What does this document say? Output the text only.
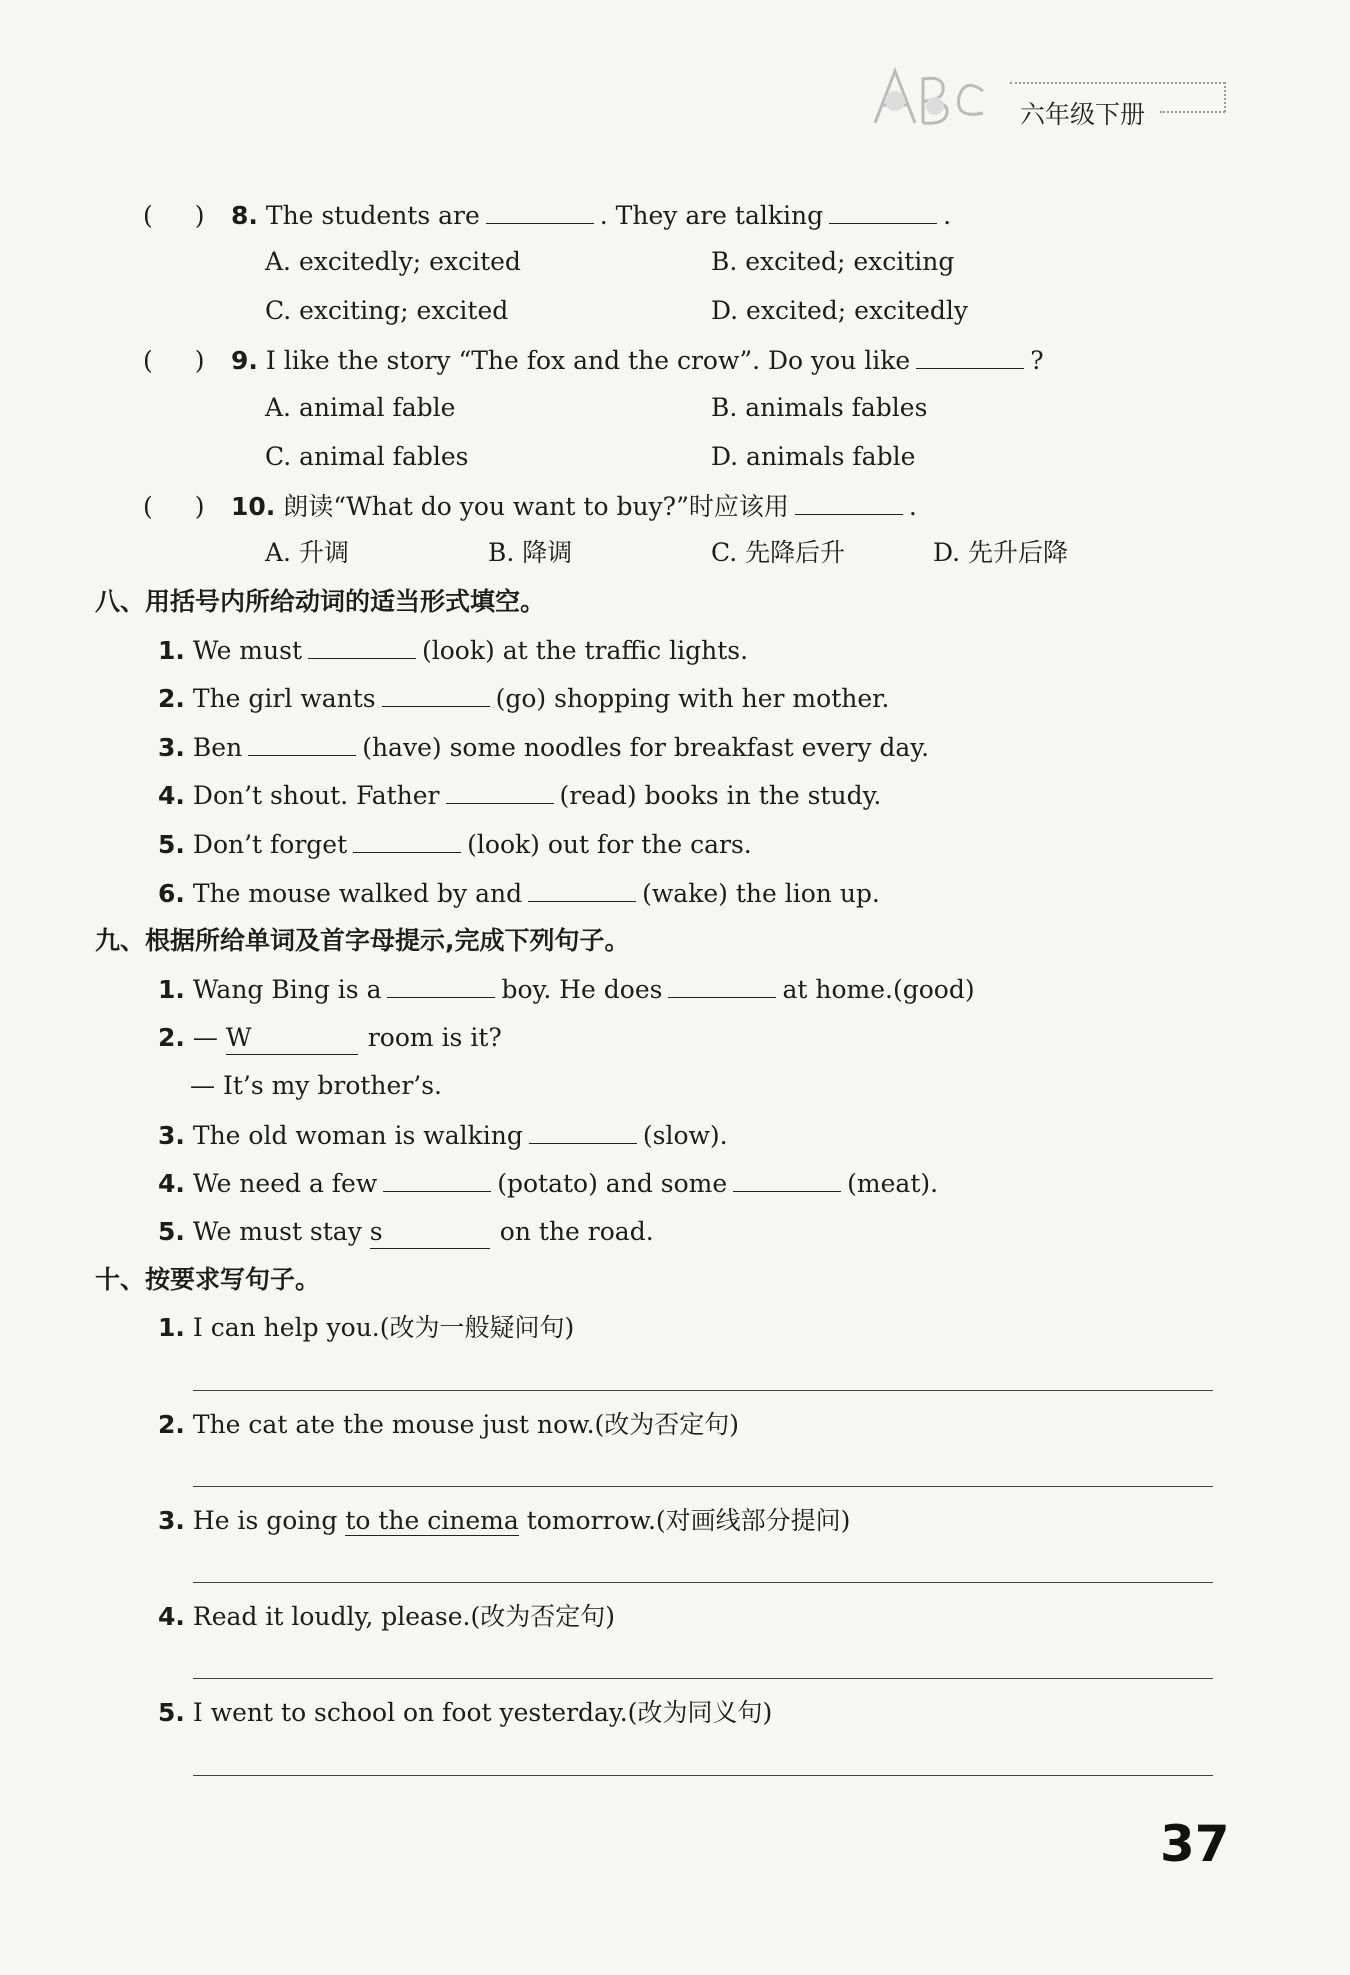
六年级下册
( ) 8. The students are	. They are talking	.
A. excitedly; excited	B. excited; exciting
C. exciting; excited	D. excited; excitedly
( ) 9. I like the story “The fox and the crow”. Do you like	?
A. animal fable	B. animals fables
C. animal fables	D. animals fable
( ) 10. 朗读“What do you want to buy?”时应该用	.
A. 升调	B. 降调	C. 先降后升	D. 先升后降
八、用括号内所给动词的适当形式填空。
1. We must	(look) at the traffic lights.
2. The girl wants	(go) shopping with her mother.
3. Ben	(have) some noodles for breakfast every day.
4. Don’t shout. Father	(read) books in the study.
5. Don’t forget	(look) out for the cars.
6. The mouse walked by and	(wake) the lion up.
九、根据所给单词及首字母提示,完成下列句子。
1. Wang Bing is a	boy. He does	at home.(good)
2. — W	room is it?
— It’s my brother’s.
3. The old woman is walking	(slow).
4. We need a few	(potato) and some	(meat).
5. We must stay s	on the road.
十、按要求写句子。
1. I can help you.(改为一般疑问句)
2. The cat ate the mouse just now.(改为否定句)
3. He is going to the cinema tomorrow.(对画线部分提问)
4. Read it loudly, please.(改为否定句)
5. I went to school on foot yesterday.(改为同义句)
37
